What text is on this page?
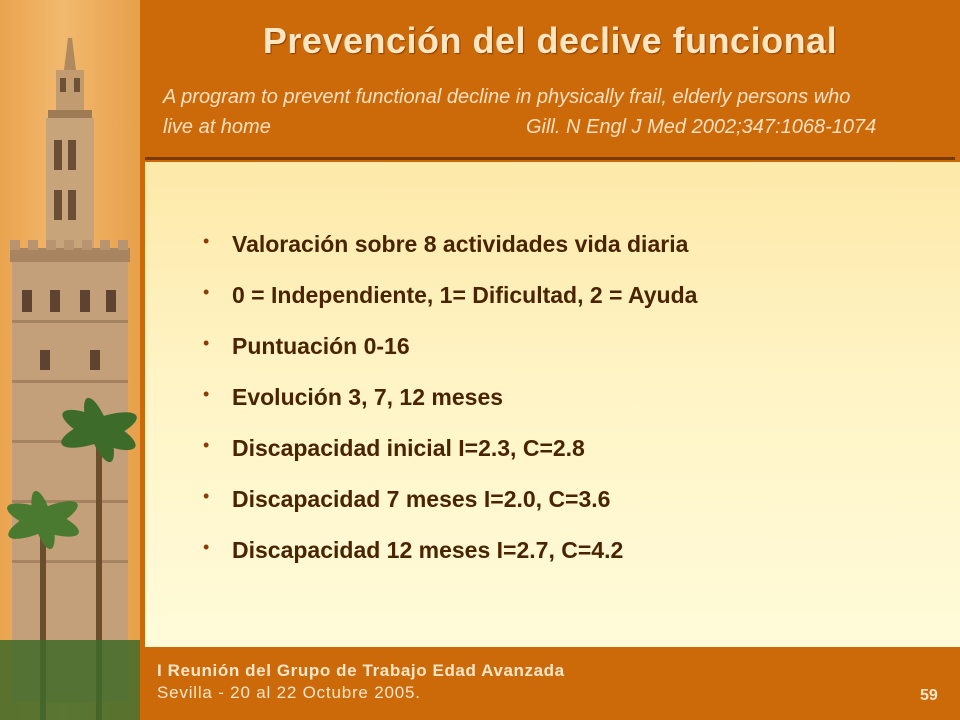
Prevención del declive funcional
A program to prevent functional decline in physically frail, elderly persons who
live at home	Gill. N Engl J Med 2002;347:1068-1074
• Valoración sobre 8 actividades vida diaria
• 0 = Independiente, 1= Dificultad, 2 = Ayuda
• Puntuación 0-16
• Evolución 3, 7, 12 meses
• Discapacidad inicial I=2.3, C=2.8
• Discapacidad 7 meses I=2.0, C=3.6
• Discapacidad 12 meses I=2.7, C=4.2
I Reunión del Grupo de Trabajo Edad Avanzada
Sevilla - 20 al 22 Octubre 2005.	59
